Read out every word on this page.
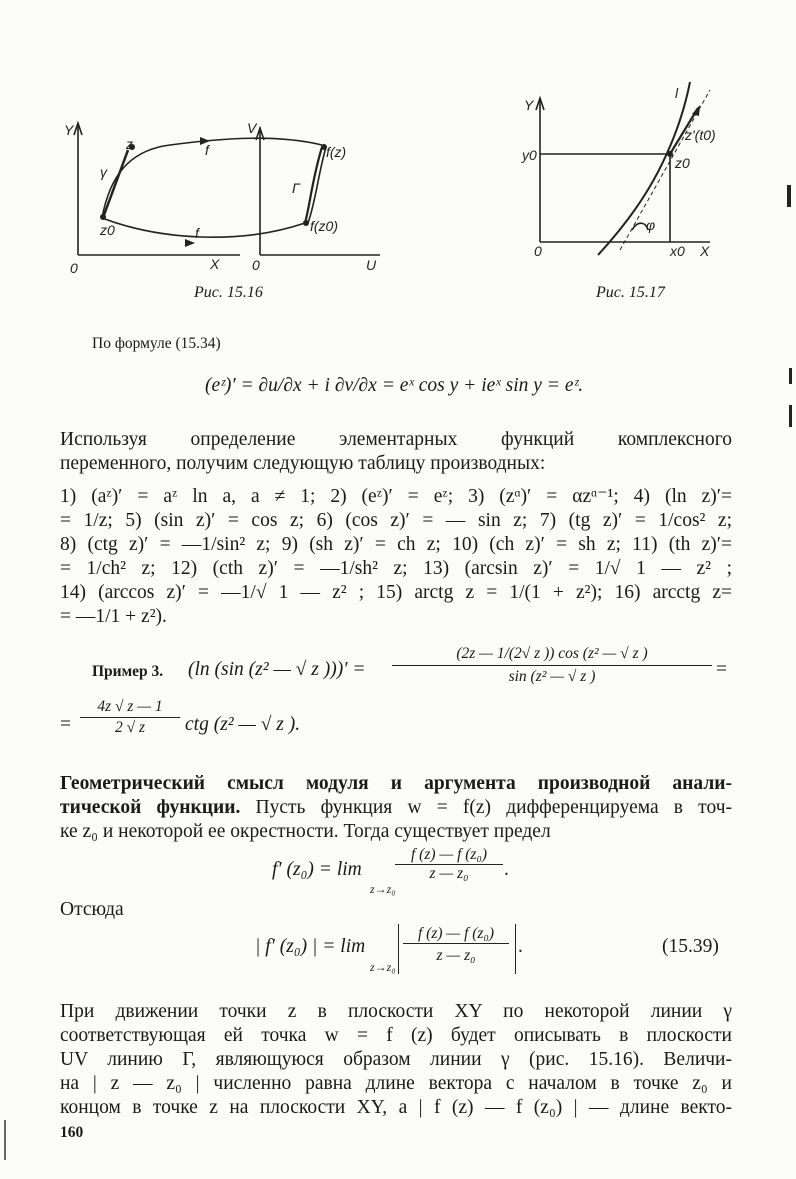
Y
z
γ
f
z0	f
0	X
V
f(z)
Γ
f(z0)
0	U
Рис. 15.16
Y
l
z'(t0)
y0	z0
φ
0	x0 X
Рис. 15.17
По формуле (15.34)
(eᶻ)′ = ∂u/∂x + i ∂v/∂x = eˣ cos y + ieˣ sin y = eᶻ.
Используя определение элементарных функций комплексного
переменного, получим следующую таблицу производных:
1) (aᶻ)′ = aᶻ ln a, a ≠ 1; 2) (eᶻ)′ = eᶻ; 3) (zᵅ)′ = αzᵅ⁻¹; 4) (ln z)′=
= 1/z; 5) (sin z)′ = cos z; 6) (cos z)′ = — sin z; 7) (tg z)′ = 1/cos² z;
8) (ctg z)′ = —1/sin² z; 9) (sh z)′ = ch z; 10) (ch z)′ = sh z; 11) (th z)′=
= 1/ch² z; 12) (cth z)′ = —1/sh² z; 13) (arcsin z)′ = 1/√ 1 — z² ;
14) (arccos z)′ = —1/√ 1 — z² ; 15) arctg z = 1/(1 + z²); 16) arcctg z=
= —1/1 + z²).
Пример 3. (ln (sin (z² — √ z )))′ = $\frac{\text{(2z — 1/(2√ z )) cos (z² — √ z )}}{\text{sin (z² — √ z )}}$ =
= $\frac{4z √ z — 1}{2 √ z}$ ctg (z² — √ z ).
Геометрический смысл модуля и аргумента производной анали-
тической функции. Пусть функция w = f(z) дифференцируема в точ-
ке z₀ и некоторой ее окрестности. Тогда существует предел
f′ (z₀) = lim
z→z₀
$\frac{\text{f (z) — f (z₀)}}{\text{z — z₀}}$ .
Отсюда
| f′ (z₀) | = lim
z→z₀
$\frac{\text{f (z) — f (z₀)}}{\text{z — z₀}}$ .	(15.39)
При движении точки z в плоскости XY по некоторой линии γ
соответствующая ей точка w = f (z) будет описывать в плоскости
UV линию Γ, являющуюся образом линии γ (рис. 15.16). Величи-
на | z — z₀ | численно равна длине вектора с началом в точке z₀ и
концом в точке z на плоскости XY, а | f (z) — f (z₀) | — длине векто-
160
